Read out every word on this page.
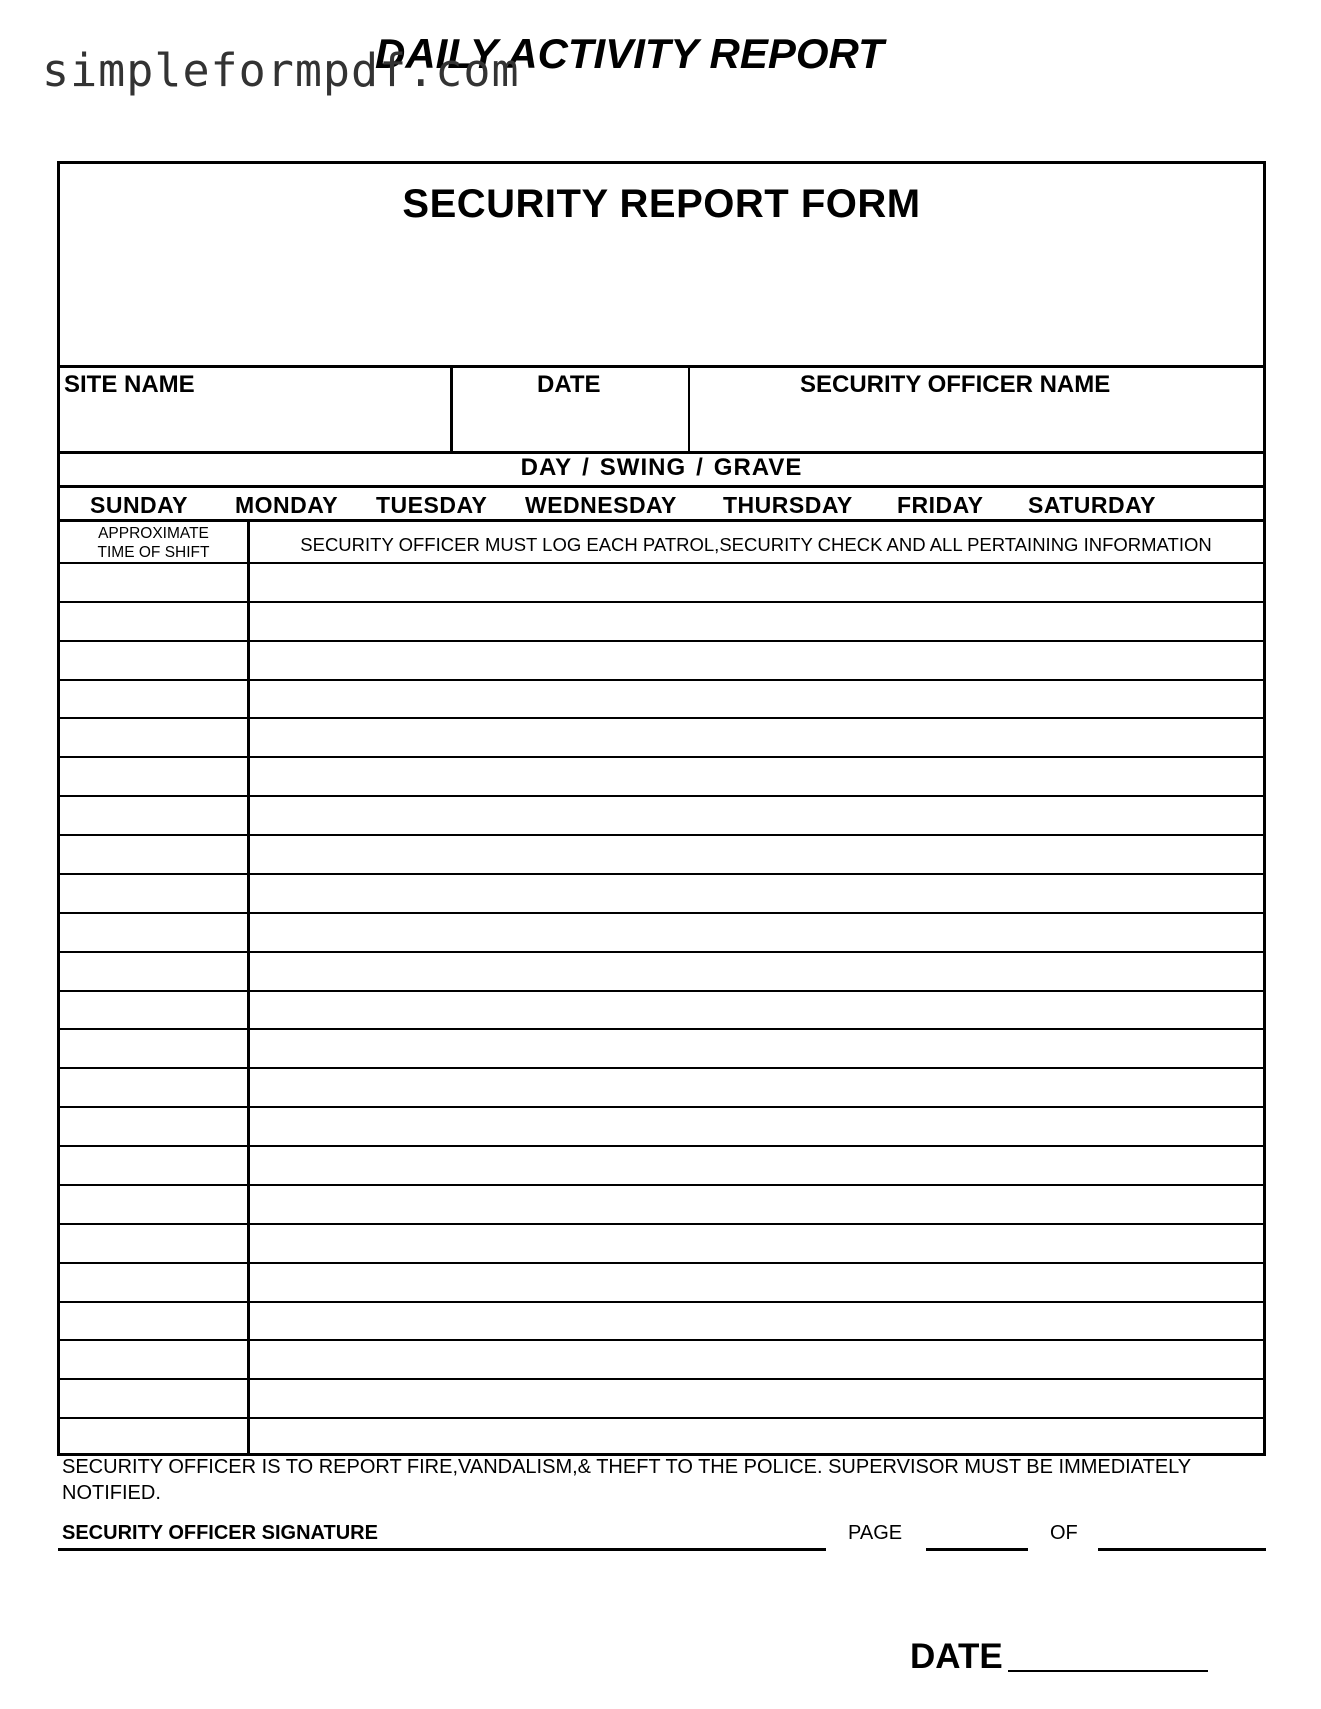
simpleformpdf.com
DAILY ACTIVITY REPORT
SECURITY REPORT FORM
SITE NAME	DATE	SECURITY OFFICER NAME
DAY / SWING / GRAVE
SUNDAY MONDAY TUESDAY WEDNESDAY THURSDAY FRIDAY SATURDAY
APPROXIMATE
TIME OF SHIFT	SECURITY OFFICER MUST LOG EACH PATROL,SECURITY CHECK AND ALL PERTAINING INFORMATION
SECURITY OFFICER IS TO REPORT FIRE,VANDALISM,& THEFT TO THE POLICE. SUPERVISOR MUST BE IMMEDIATELY NOTIFIED.
SECURITY OFFICER SIGNATURE	PAGE	OF
DATE
